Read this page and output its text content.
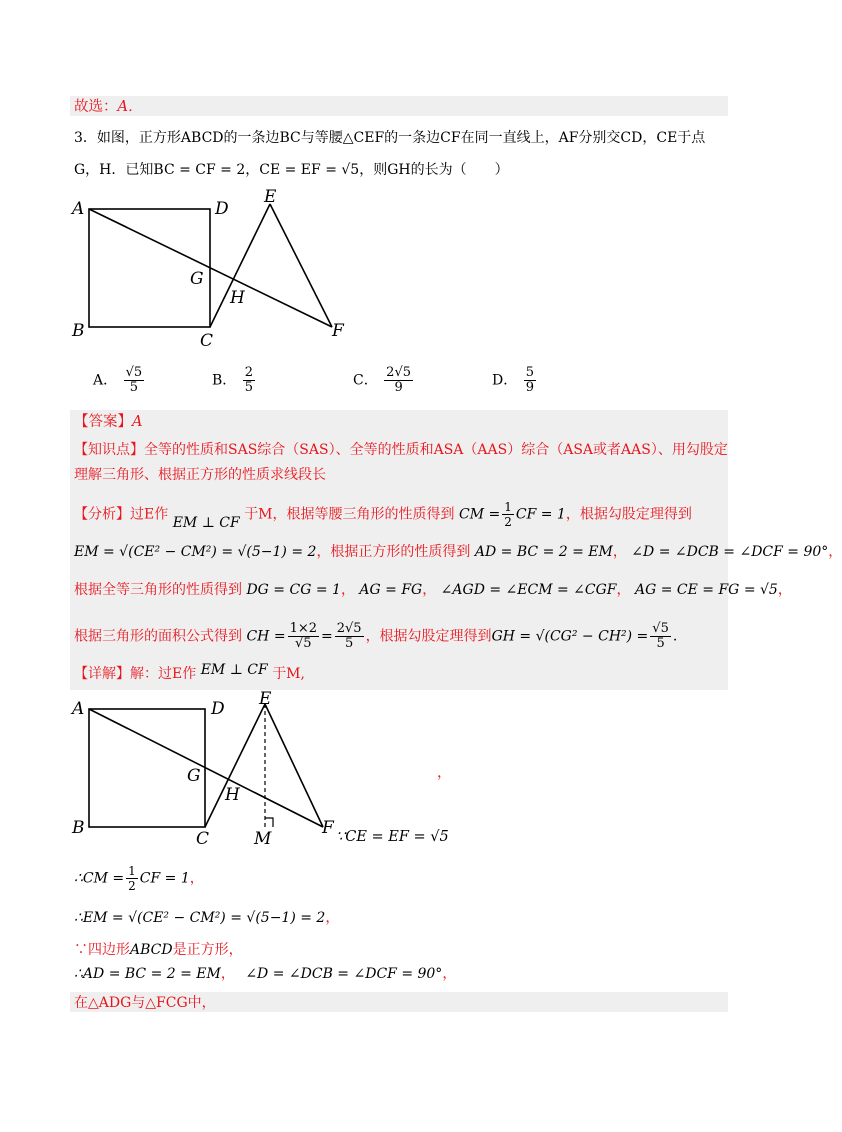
故选：A．
3．如图，正方形ABCD的一条边BC与等腰△CEF的一条边CF在同一直线上，AF分别交CD，CE于点
G，H．已知BC = CF = 2，CE = EF = √5，则GH的长为（　　）
A	D
E
G
H
B	C	F
A． $\frac{√5}{5}$	B． $\frac{2}{5}$	C． $\frac{2√5}{9}$	D． $\frac{5}{9}$
【答案】A
【知识点】全等的性质和SAS综合（SAS）、全等的性质和ASA（AAS）综合（ASA或者AAS）、用勾股定
理解三角形、根据正方形的性质求线段长
【分析】过E作 EM ⊥ CF 于M，根据等腰三角形的性质得到 CM = $\frac{1}{2}$ CF = 1，根据勾股定理得到
EM = √(CE² − CM²) = √(5−1) = 2，根据正方形的性质得到 AD = BC = 2 = EM， ∠D = ∠DCB = ∠DCF = 90°，
根据全等三角形的性质得到 DG = CG = 1， AG = FG， ∠AGD = ∠ECM = ∠CGF， AG = CE = FG = √5，
根据三角形的面积公式得到 CH = $\frac{1\times 2}{√5} = \frac{2√5}{5}$ ，根据勾股定理得到GH = $√(CG^2 - CH^2) = \frac{√5}{5}$ .
【详解】解：过E作 EM ⊥ CF 于M,
A	D E
G
H
B
C	M
F
，
∵CE = EF = √5
∴CM = $\frac{1}{2}$ CF = 1，
∴EM = √(CE² − CM²) = √(5−1) = 2，
∵四边形ABCD是正方形，
∴AD = BC = 2 = EM， ∠D = ∠DCB = ∠DCF = 90°，
在△ADG与△FCG中，
